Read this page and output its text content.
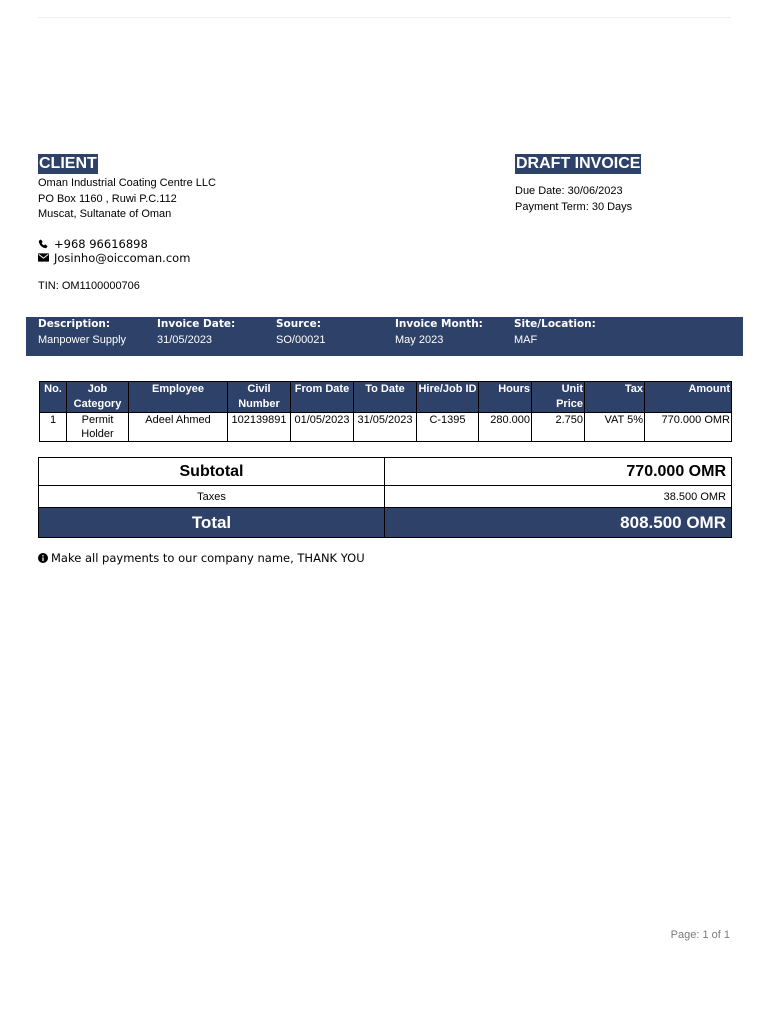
CLIENT
Oman Industrial Coating Centre LLC
PO Box 1160 , Ruwi P.C.112
Muscat, Sultanate of Oman
+968 96616898
Josinho@oiccoman.com
TIN: OM1100000706
DRAFT INVOICE
Due Date: 30/06/2023
Payment Term: 30 Days
Description:
Manpower Supply
Invoice Date:
31/05/2023
Source:
SO/00021
Invoice Month:
May 2023
Site/Location:
MAF
No.	Job Category	Employee	Civil Number	From Date	To Date	Hire/Job ID	Hours	Unit Price	Tax	Amount
1	Permit Holder	Adeel Ahmed	102139891	01/05/2023	31/05/2023	C-1395	280.000	2.750	VAT 5%	770.000 OMR
Subtotal	770.000 OMR
Taxes	38.500 OMR
Total	808.500 OMR
Make all payments to our company name, THANK YOU
Page: 1 of 1
